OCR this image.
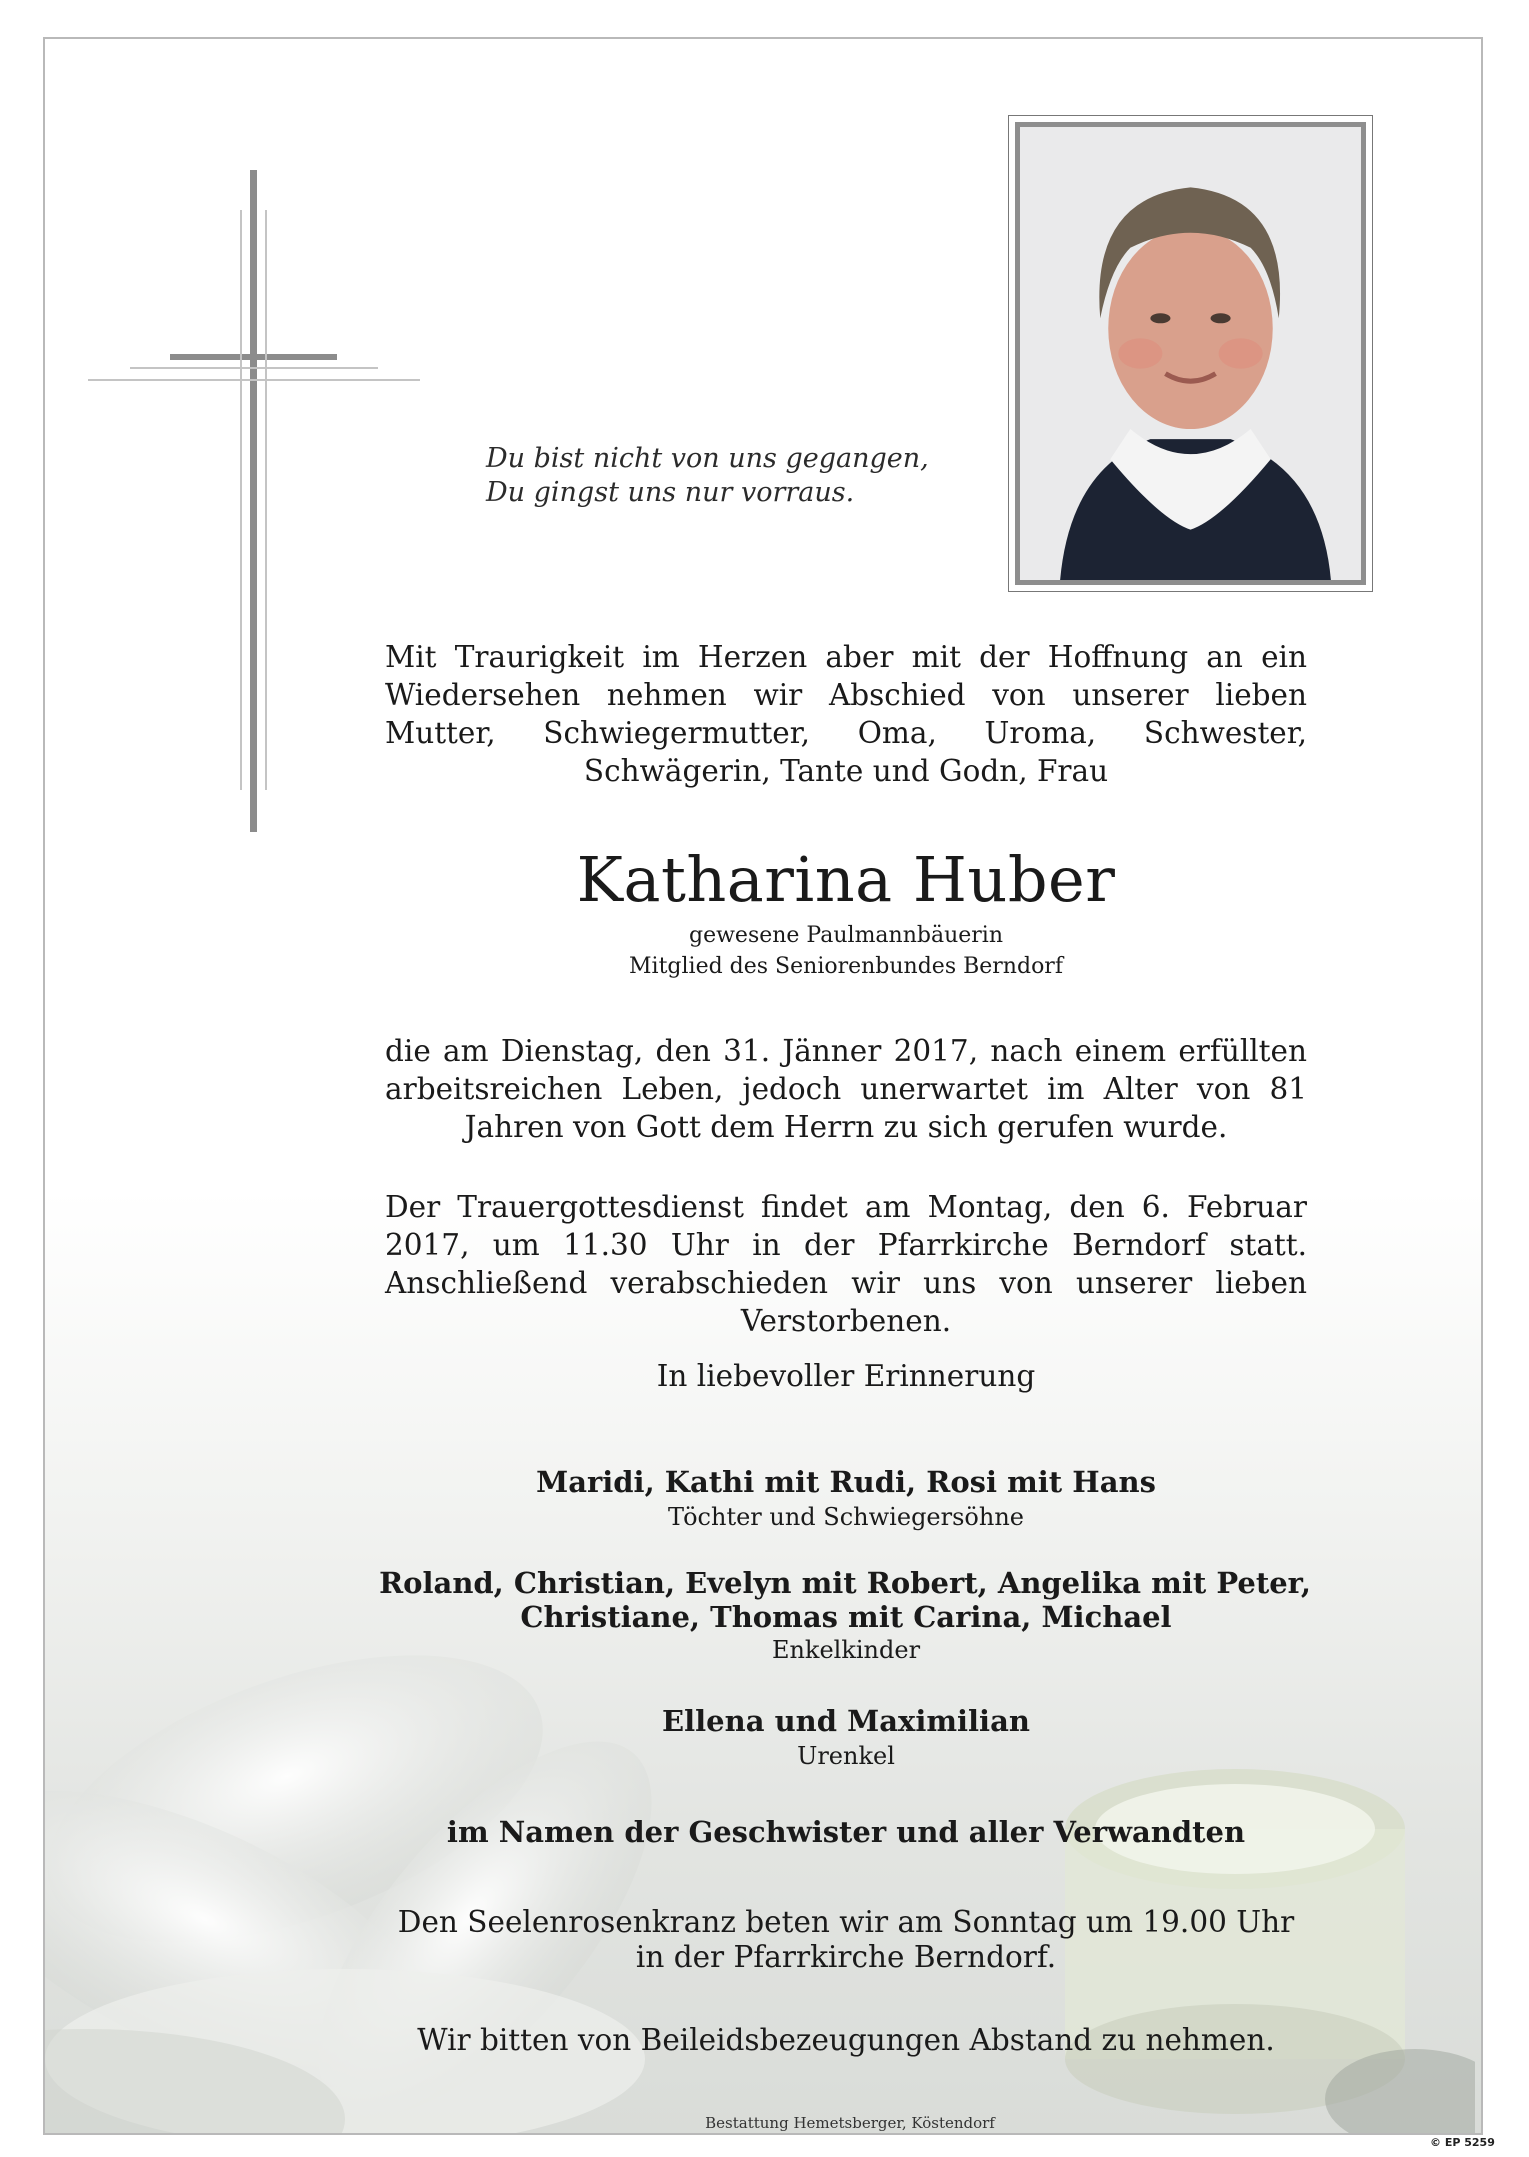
Du bist nicht von uns gegangen,
Du gingst uns nur vorraus.
Mit Traurigkeit im Herzen aber mit der Hoffnung an ein Wiedersehen nehmen wir Abschied von unserer lieben Mutter, Schwiegermutter, Oma, Uroma, Schwester, Schwägerin, Tante und Godn, Frau
Katharina Huber
gewesene Paulmannbäuerin
Mitglied des Seniorenbundes Berndorf
die am Dienstag, den 31. Jänner 2017, nach einem erfüllten arbeitsreichen Leben, jedoch unerwartet im Alter von 81 Jahren von Gott dem Herrn zu sich gerufen wurde.
Der Trauergottesdienst findet am Montag, den 6. Februar 2017, um 11.30 Uhr in der Pfarrkirche Berndorf statt. Anschließend verabschieden wir uns von unserer lieben Verstorbenen.
In liebevoller Erinnerung
Maridi, Kathi mit Rudi, Rosi mit Hans
Töchter und Schwiegersöhne
Roland, Christian, Evelyn mit Robert, Angelika mit Peter,
Christiane, Thomas mit Carina, Michael
Enkelkinder
Ellena und Maximilian
Urenkel
im Namen der Geschwister und aller Verwandten
Den Seelenrosenkranz beten wir am Sonntag um 19.00 Uhr
in der Pfarrkirche Berndorf.
Wir bitten von Beileidsbezeugungen Abstand zu nehmen.
Bestattung Hemetsberger, Köstendorf
© EP 5259
